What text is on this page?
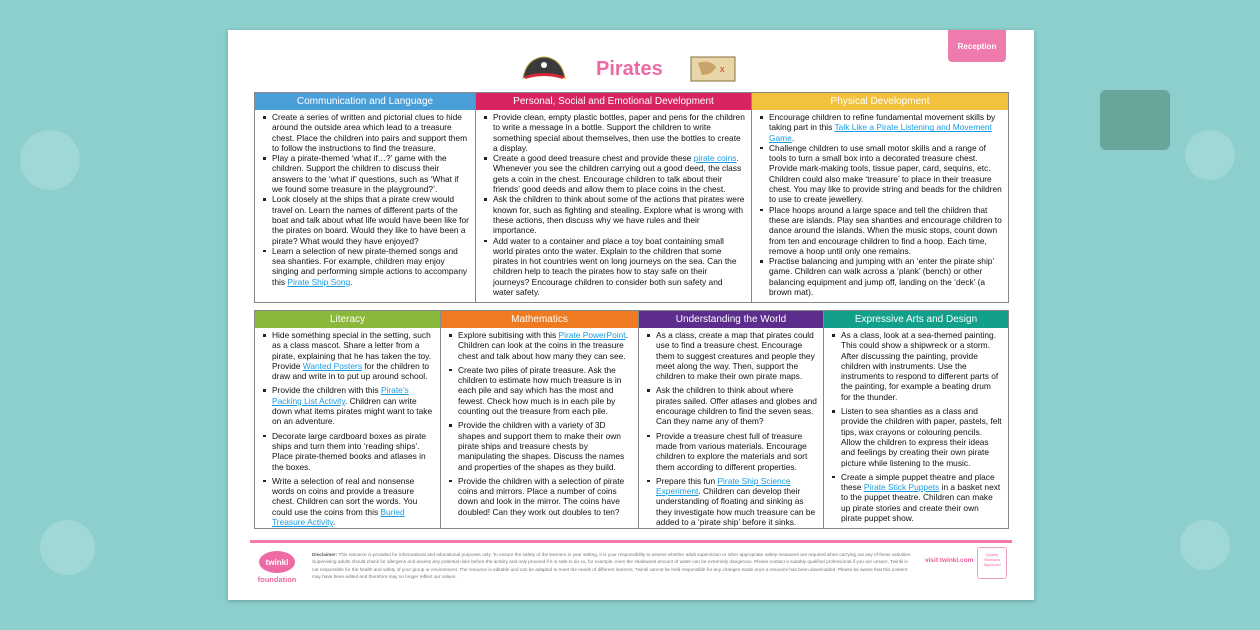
Reception
Pirates	x
Communication and Language
Create a series of written and pictorial clues to hide around the outside area which lead to a treasure chest. Place the children into pairs and support them to follow the instructions to find the treasure.
Play a pirate-themed ‘what if…?’ game with the children. Support the children to discuss their answers to the ‘what if’ questions, such as ‘What if we found some treasure in the playground?’.
Look closely at the ships that a pirate crew would travel on. Learn the names of different parts of the boat and talk about what life would have been like for the pirates on board. Would they like to have been a pirate? What would they have enjoyed?
Learn a selection of new pirate-themed songs and sea shanties. For example, children may enjoy singing and performing simple actions to accompany this Pirate Ship Song.
Personal, Social and Emotional Development
Provide clean, empty plastic bottles, paper and pens for the children to write a message in a bottle. Support the children to write something special about themselves, then use the bottles to create a display.
Create a good deed treasure chest and provide these pirate coins. Whenever you see the children carrying out a good deed, the class gets a coin in the chest. Encourage children to talk about their friends’ good deeds and allow them to place coins in the chest.
Ask the children to think about some of the actions that pirates were known for, such as fighting and stealing. Explore what is wrong with these actions, then discuss why we have rules and their importance.
Add water to a container and place a toy boat containing small world pirates onto the water. Explain to the children that some pirates in hot countries went on long journeys on the sea. Can the children help to teach the pirates how to stay safe on their journeys? Encourage children to consider both sun safety and water safety.
Physical Development
Encourage children to refine fundamental movement skills by taking part in this Talk Like a Pirate Listening and Movement Game.
Challenge children to use small motor skills and a range of tools to turn a small box into a decorated treasure chest. Provide mark-making tools, tissue paper, card, sequins, etc. Children could also make ‘treasure’ to place in their treasure chest. You may like to provide string and beads for the children to use to create jewellery.
Place hoops around a large space and tell the children that these are islands. Play sea shanties and encourage children to dance around the islands. When the music stops, count down from ten and encourage children to find a hoop. Each time, remove a hoop until only one remains.
Practise balancing and jumping with an ‘enter the pirate ship’ game. Children can walk across a ‘plank’ (bench) or other balancing equipment and jump off, landing on the ‘deck’ (a brown mat).
Literacy
Hide something special in the setting, such as a class mascot. Share a letter from a pirate, explaining that he has taken the toy. Provide Wanted Posters for the children to draw and write in to put up around school.
Provide the children with this Pirate’s Packing List Activity. Children can write down what items pirates might want to take on an adventure.
Decorate large cardboard boxes as pirate ships and turn them into ‘reading ships’. Place pirate-themed books and atlases in the boxes.
Write a selection of real and nonsense words on coins and provide a treasure chest. Children can sort the words. You could use the coins from this Buried Treasure Activity.
Mathematics
Explore subitising with this Pirate PowerPoint. Children can look at the coins in the treasure chest and talk about how many they can see.
Create two piles of pirate treasure. Ask the children to estimate how much treasure is in each pile and say which has the most and fewest. Check how much is in each pile by counting out the treasure from each pile.
Provide the children with a variety of 3D shapes and support them to make their own pirate ships and treasure chests by manipulating the shapes. Discuss the names and properties of the shapes as they build.
Provide the children with a selection of pirate coins and mirrors. Place a number of coins down and look in the mirror. The coins have doubled! Can they work out doubles to ten?
Understanding the World
As a class, create a map that pirates could use to find a treasure chest. Encourage them to suggest creatures and people they meet along the way. Then, support the children to make their own pirate maps.
Ask the children to think about where pirates sailed. Offer atlases and globes and encourage children to find the seven seas. Can they name any of them?
Provide a treasure chest full of treasure made from various materials. Encourage children to explore the materials and sort them according to different properties.
Prepare this fun Pirate Ship Science Experiment. Children can develop their understanding of floating and sinking as they investigate how much treasure can be added to a ‘pirate ship’ before it sinks.
Expressive Arts and Design
As a class, look at a sea-themed painting. This could show a shipwreck or a storm. After discussing the painting, provide children with instruments. Use the instruments to respond to different parts of the painting, for example a beating drum for the thunder.
Listen to sea shanties as a class and provide the children with paper, pastels, felt tips, wax crayons or colouring pencils. Allow the children to express their ideas and feelings by creating their own pirate picture while listening to the music.
Create a simple puppet theatre and place these Pirate Stick Puppets in a basket next to the puppet theatre. Children can make up pirate stories and create their own pirate puppet show.
twinkl
foundation
Disclaimer: This resource is provided for informational and educational purposes only. To ensure the safety of the learners in your setting, it is your responsibility to assess whether adult supervision or other appropriate safety measures are required when carrying out any of these activities. Supervising adults should check for allergens and assess any potential risks before the activity and only proceed if it is safe to do so, for example, even the shallowest amount of water can be extremely dangerous. Please contact a suitably qualified professional if you are unsure. Twinkl is not responsible for the health and safety of your group or environment. The resource is editable and can be adapted to meet the needs of different learners. Twinkl cannot be held responsible for any changes made once a resource has been downloaded. Please be aware that this content may have been edited and therefore may no longer reflect our values.
visit twinkl.com
Quality Standard Approved
